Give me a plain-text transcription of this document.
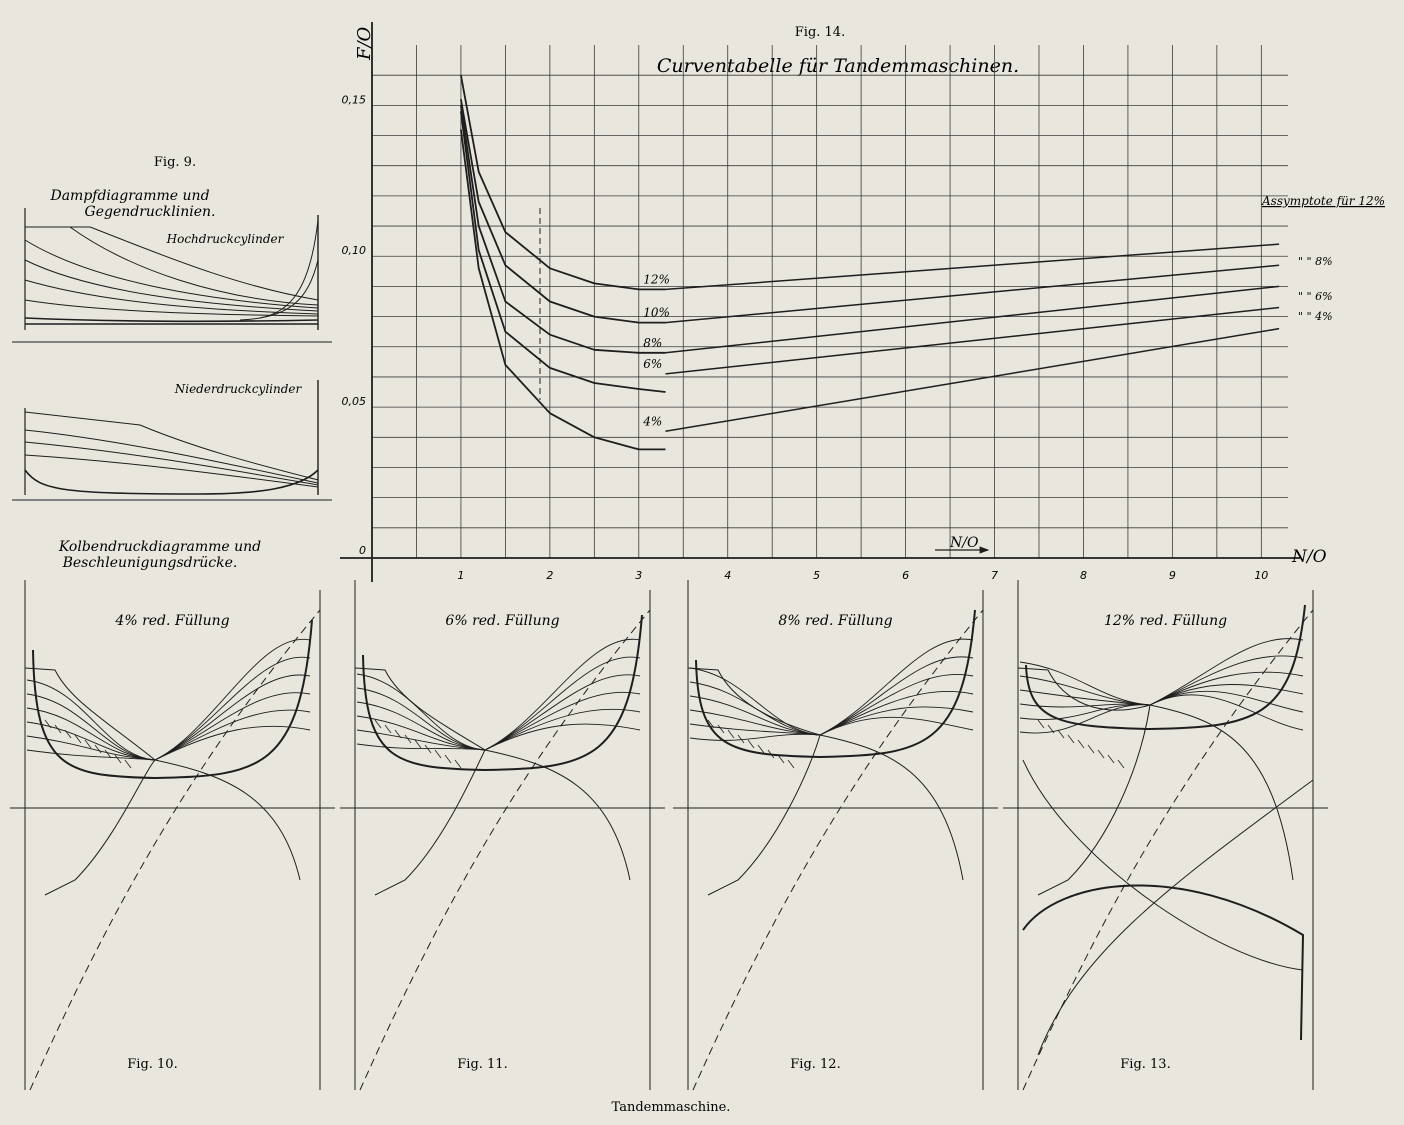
Fig. 14.
Curventabelle für Tandemmaschinen.
12%
10%
8%
6%
4%
1	2	3	4	5	6	7	8	9	10
0
0,05
0,10
0,15
Assymptote für 12%
" " 8%
" " 6%
" " 4%
F/O
N/O
N/O
Fig. 9.
Dampfdiagramme und
Gegendrucklinien.
Hochdruckcylinder
Niederdruckcylinder
Kolbendruckdiagramme und
Beschleunigungsdrücke.
4% red. Füllung
Fig. 10.
6% red. Füllung
Fig. 11.
8% red. Füllung
Fig. 12.
12% red. Füllung
Fig. 13.
Tandemmaschine.
